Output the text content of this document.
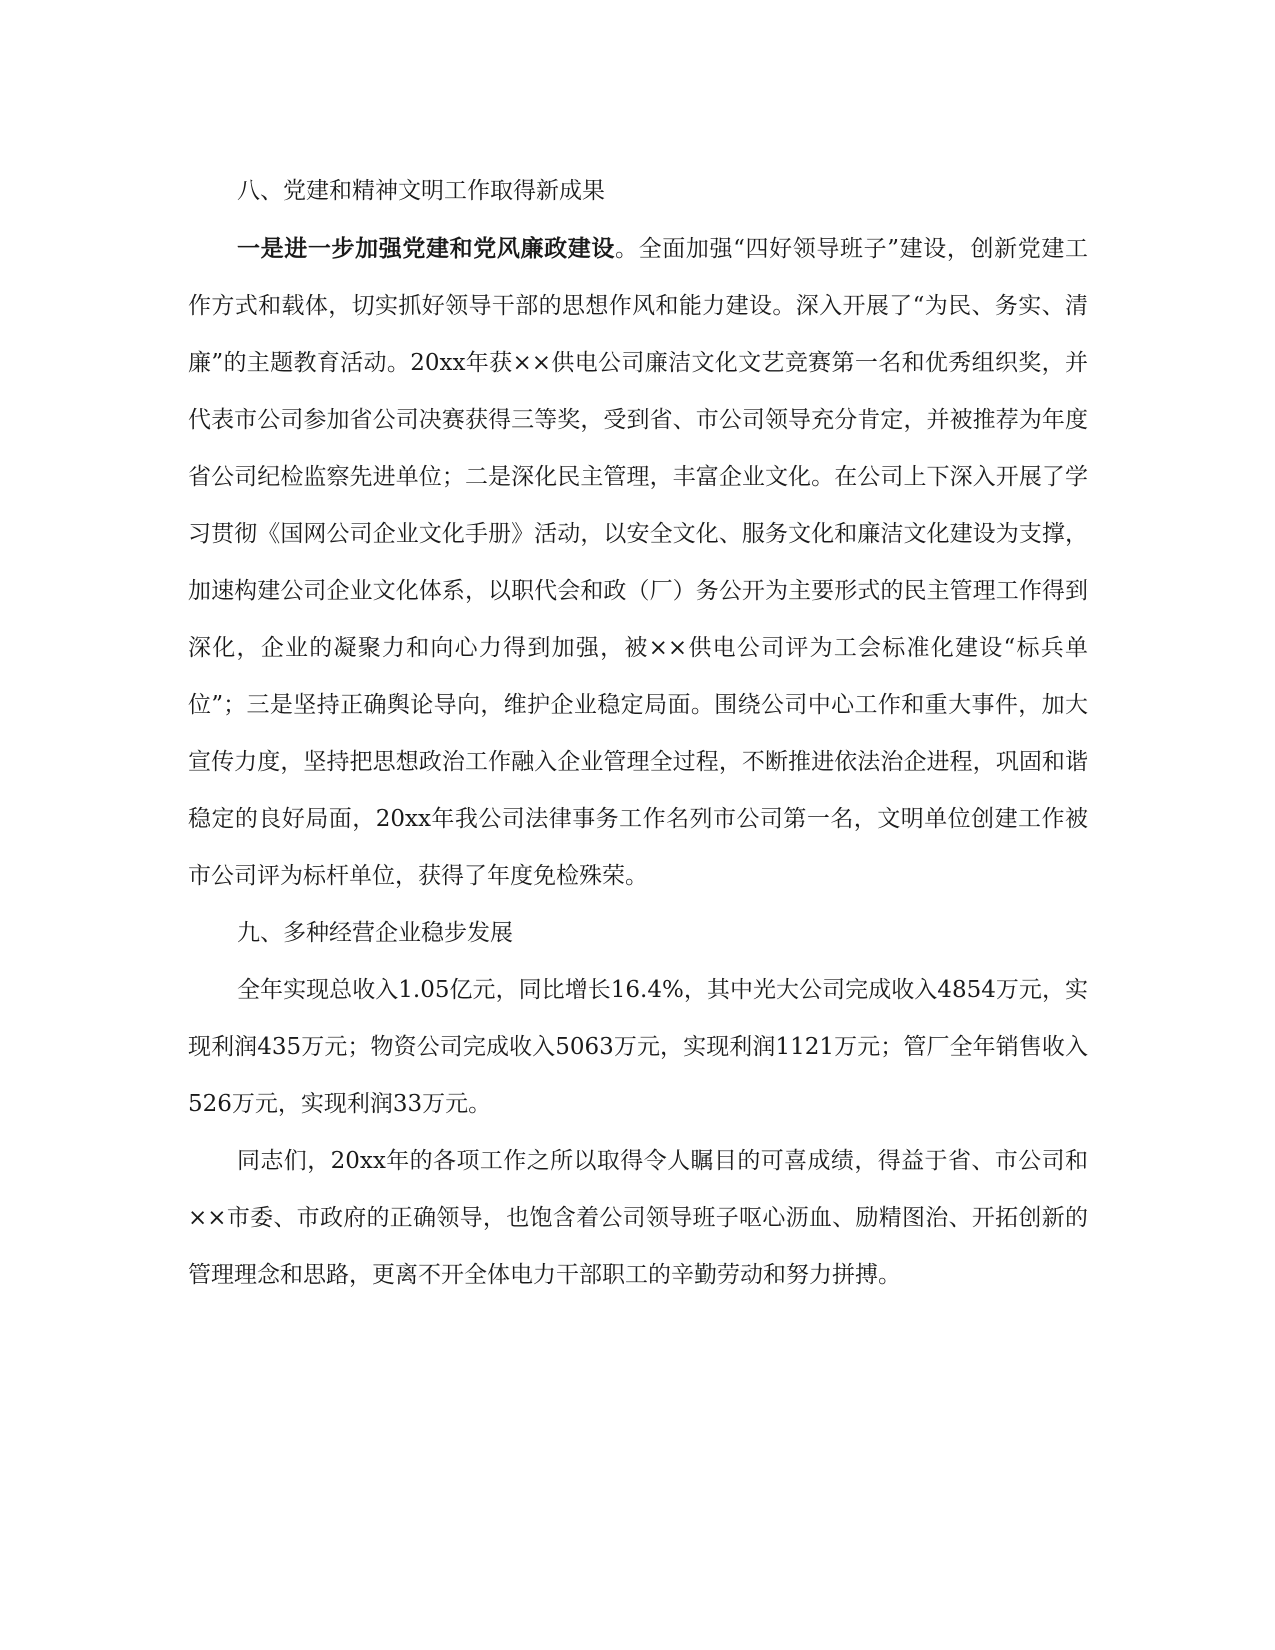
八、党建和精神文明工作取得新成果

一是进一步加强党建和党风廉政建设。全面加强“四好领导班子”建设，创新党建工作方式和载体，切实抓好领导干部的思想作风和能力建设。深入开展了“为民、务实、清廉”的主题教育活动。20xx年获××供电公司廉洁文化文艺竞赛第一名和优秀组织奖，并代表市公司参加省公司决赛获得三等奖，受到省、市公司领导充分肯定，并被推荐为年度省公司纪检监察先进单位；二是深化民主管理，丰富企业文化。在公司上下深入开展了学习贯彻《国网公司企业文化手册》活动，以安全文化、服务文化和廉洁文化建设为支撑，加速构建公司企业文化体系，以职代会和政（厂）务公开为主要形式的民主管理工作得到深化，企业的凝聚力和向心力得到加强，被××供电公司评为工会标准化建设“标兵单位”；三是坚持正确舆论导向，维护企业稳定局面。围绕公司中心工作和重大事件，加大宣传力度，坚持把思想政治工作融入企业管理全过程，不断推进依法治企进程，巩固和谐稳定的良好局面，20xx年我公司法律事务工作名列市公司第一名，文明单位创建工作被市公司评为标杆单位，获得了年度免检殊荣。

九、多种经营企业稳步发展

全年实现总收入1.05亿元，同比增长16.4%，其中光大公司完成收入4854万元，实现利润435万元；物资公司完成收入5063万元，实现利润1121万元；管厂全年销售收入526万元，实现利润33万元。

同志们，20xx年的各项工作之所以取得令人瞩目的可喜成绩，得益于省、市公司和××市委、市政府的正确领导，也饱含着公司领导班子呕心沥血、励精图治、开拓创新的管理理念和思路，更离不开全体电力干部职工的辛勤劳动和努力拼搏。
